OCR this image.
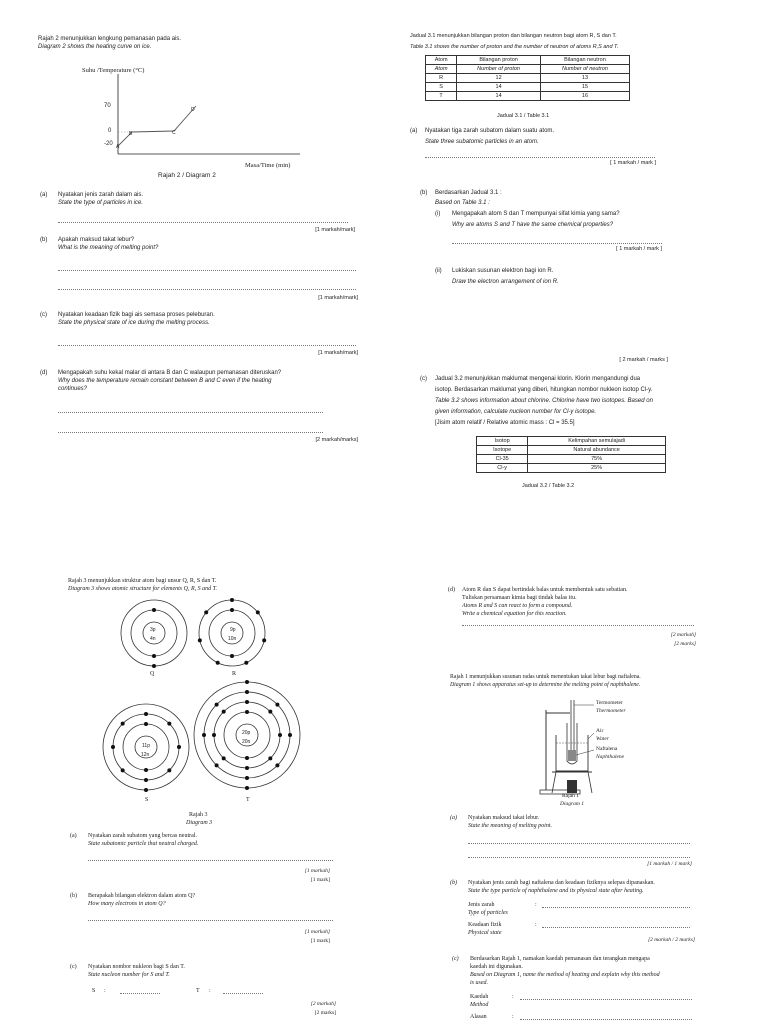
Rajah 2 menunjukkan lengkung pemanasan pada ais.
Diagram 2 shows the heating curve on ice.
Suhu /Temperature (°C)
70
0
-20 A
B	C
D
Masa/Time (min)
Rajah 2 / Diagram 2
(a) Nyatakan jenis zarah dalam ais.
State the type of particles in ice.
[1 markah/mark]
(b) Apakah maksud takat lebur?
What is the meaning of melting point?
[1 markah/mark]
(c) Nyatakan keadaan fizik bagi ais semasa proses peleburan.
State the physical state of ice during the melting process.
[1 markah/mark]
(d) Mengapakah suhu kekal malar di antara B dan C walaupun pemanasan diteruskan?
Why does the temperature remain constant between B and C even if the heating
continues?
[2 markah/marks]
Jadual 3.1 menunjukkan bilangan proton dan bilangan neutron bagi atom R, S dan T.
Table 3.1 shows the number of proton and the number of neutron of atoms R,S and T.
Atom	Bilangan proton	Bilangan neutron
Atom	Number of proton	Number of neutron
R	12	13
S	14	15
T	14	16
Jadual 3.1 / Table 3.1
(a) Nyatakan tiga zarah subatom dalam suatu atom.
State three subatomic particles in an atom.
[ 1 markah / mark ]
(b) Berdasarkan Jadual 3.1 :
Based on Table 3.1 :
(i) Mengapakah atom S dan T mempunyai sifat kimia yang sama?
Why are atoms S and T have the same chemical properties?
[ 1 markah / mark ]
(ii) Lukiskan susunan elektron bagi ion R.
Draw the electron arrangement of ion R.
[ 2 markah / marks ]
(c) Jadual 3.2 menunjukkan maklumat mengenai klorin. Klorin mengandungi dua
isotop. Berdasarkan maklumat yang diberi, hitungkan nombor nukleon isotop Cl-y.
Table 3.2 shows information about chlorine. Chlorine have two isotopes. Based on
given information, calculate nucleon number for Cl-y isotope.
[Jisim atom relatif / Relative atomic mass : Cl = 35.5]
Isotop	Kelimpahan semulajadi
Isotope	Natural abundance
Cl-35	75%
Cl-y	25%
Jadual 3.2 / Table 3.2
Rajah 3 menunjukkan struktur atom bagi unsur Q, R, S dan T.
Diagram 3 shows atomic structure for elements Q, R, S and T.
3p
4n
9p
10n
11p
12n
20p
20n
Q	R
S	T
Rajah 3
Diagram 3
(a) Nyatakan zarah subatom yang bercas neutral.
State subatomic particle that neutral charged.
[1 markah]
[1 mark]
(b) Berapakah bilangan elektron dalam atom Q?
How many electrons in atom Q?
[1 markah]
[1 mark]
(c) Nyatakan nombor nukleon bagi S dan T.
State nucleon number for S and T.
S :	T :
[2 markah]
[2 marks]
(d) Atom R dan S dapat bertindak balas untuk membentuk satu sebatian.
Tuliskan persamaan kimia bagi tindak balas itu.
Atoms R and S can react to form a compound.
Write a chemical equation for this reaction.
[2 markah]
[2 marks]
Rajah 1 menunjukkan susunan radas untuk menentukan takat lebur bagi naftalena.
Diagram 1 shows apparatus set-up to determine the melting point of naphthalene.
Termometer
Thermometer
Air
Water
Naftalena
Naphthalene
Rajah 1
Diagram 1
(a) Nyatakan maksud takat lebur.
State the meaning of melting point.
[1 markah / 1 mark]
(b) Nyatakan jenis zarah bagi naftalena dan keadaan fiziknya selepas dipanaskan.
State the type particle of naphthalene and its physical state after heating.
Jenis zarah
Type of particles
:
Keadaan fizik
Physical state
:
[2 markah / 2 marks]
(c) Berdasarkan Rajah 1, namakan kaedah pemanasan dan terangkan mengapa
kaedah ini digunakan.
Based on Diagram 1, name the method of heating and explain why this method
is used.
Kaedah
Method
:
Alasan	:
